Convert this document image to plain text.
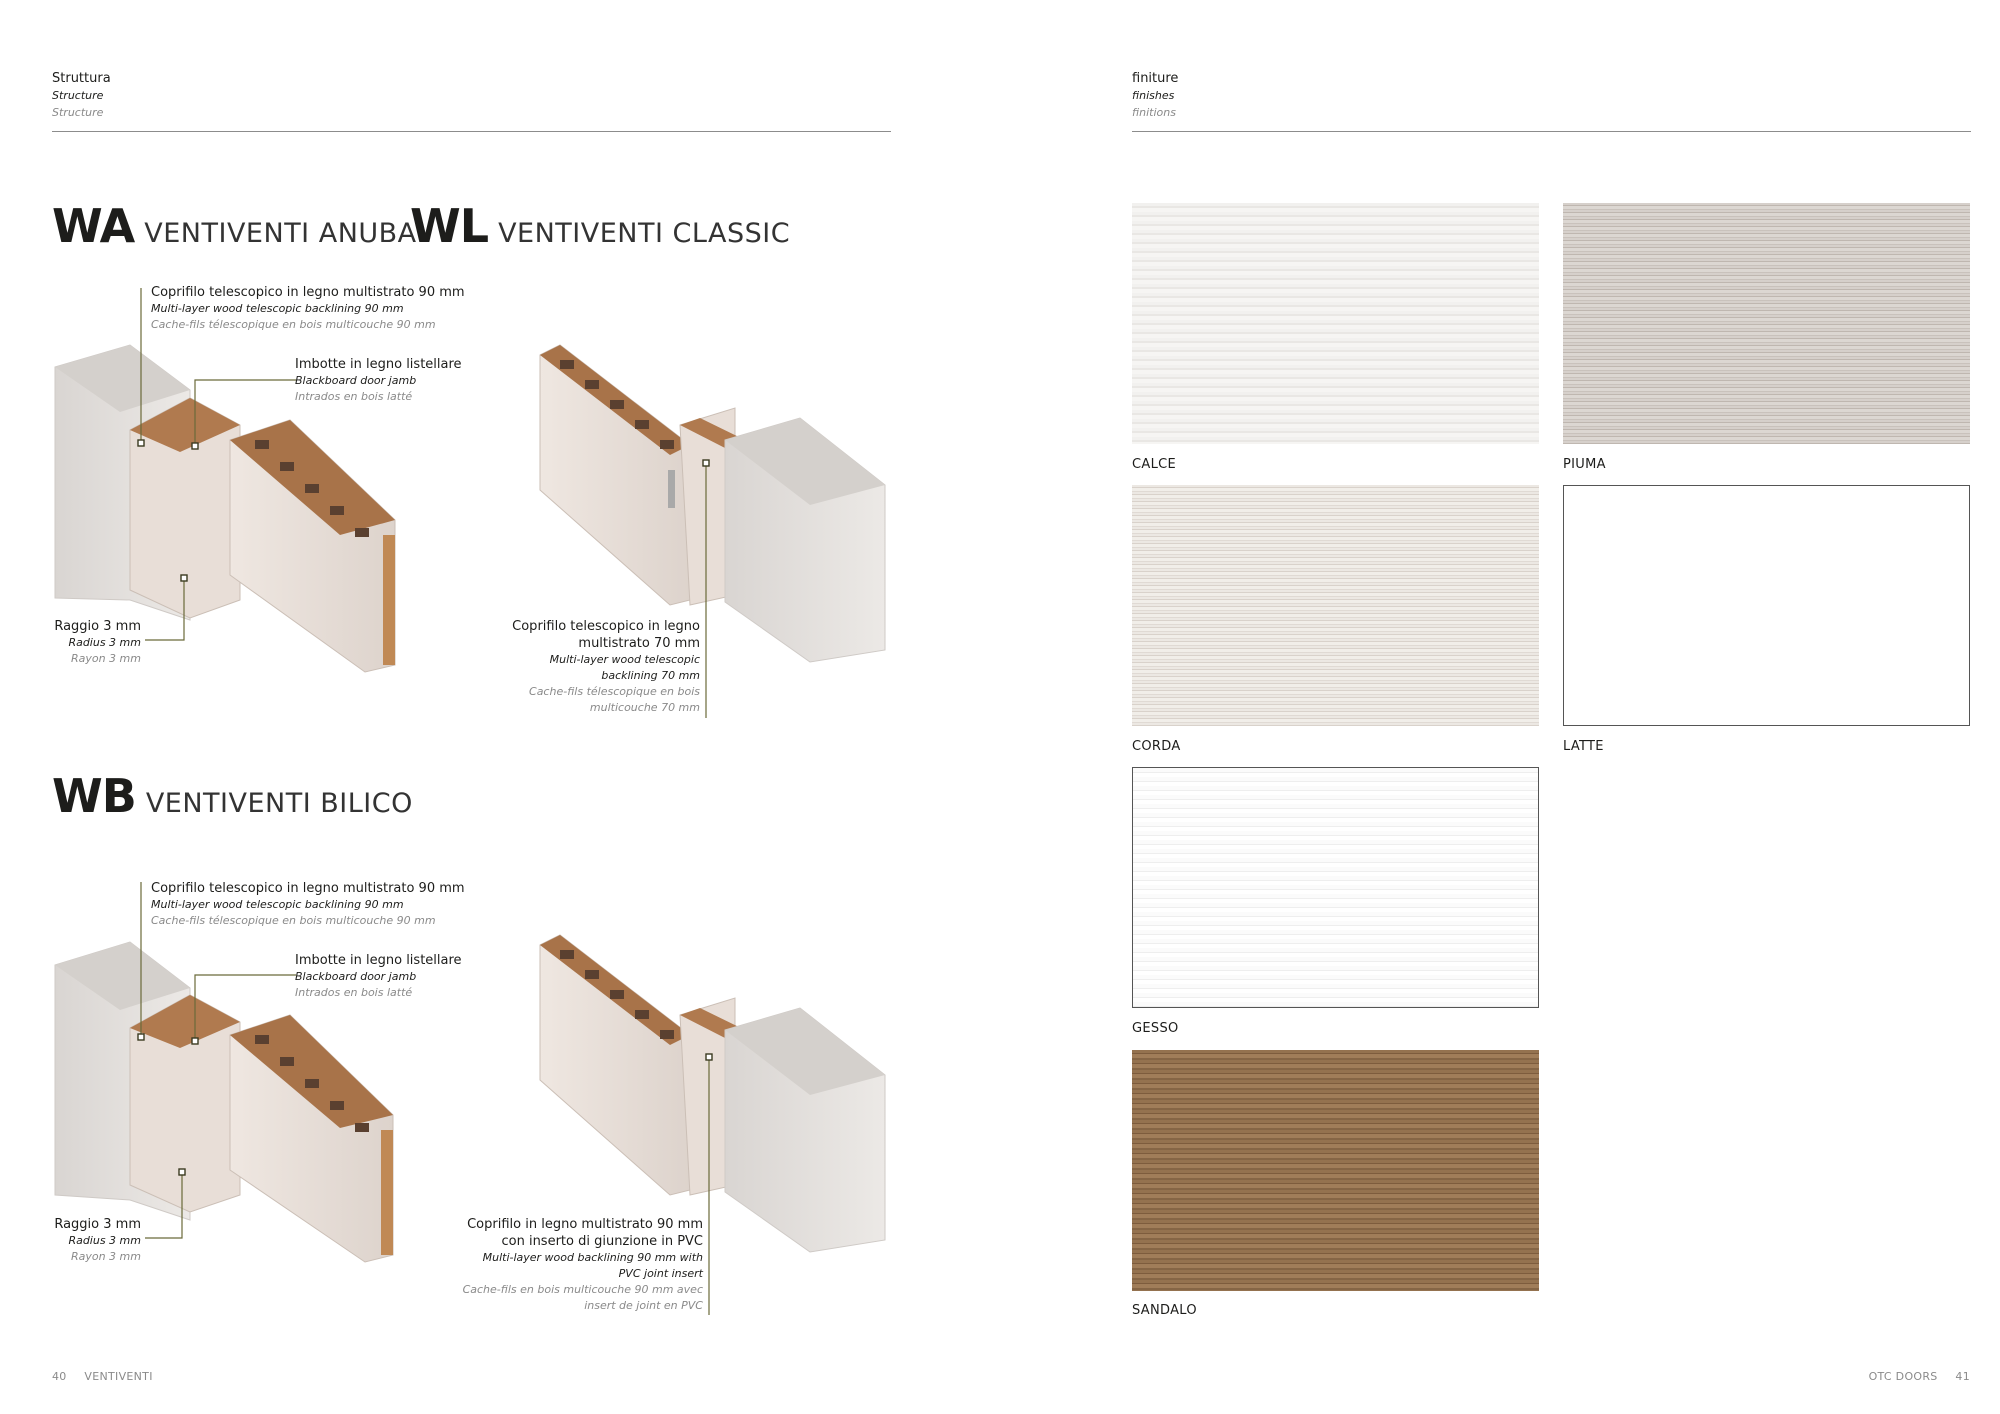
Struttura
Structure
Structure
finiture
finishes
finitions
WA VENTIVENTI ANUBA
WL VENTIVENTI CLASSIC
WB VENTIVENTI BILICO
Coprifilo telescopico in legno multistrato 90 mm
Multi-layer wood telescopic backlining 90 mm
Cache-fils télescopique en bois multicouche 90 mm
Imbotte in legno listellare
Blackboard door jamb
Intrados en bois latté
Raggio 3 mm
Radius 3 mm
Rayon 3 mm
Coprifilo telescopico in legno
multistrato 70 mm
Multi-layer wood telescopic
backlining 70 mm
Cache-fils télescopique en bois
multicouche 70 mm
Coprifilo telescopico in legno multistrato 90 mm
Multi-layer wood telescopic backlining 90 mm
Cache-fils télescopique en bois multicouche 90 mm
Imbotte in legno listellare
Blackboard door jamb
Intrados en bois latté
Raggio 3 mm
Radius 3 mm
Rayon 3 mm
Coprifilo in legno multistrato 90 mm
con inserto di giunzione in PVC
Multi-layer wood backlining 90 mm with
PVC joint insert
Cache-fils en bois multicouche 90 mm avec
insert de joint en PVC
CALCE	PIUMA
CORDA	LATTE
GESSO
SANDALO
40 VENTIVENTI	OTC DOORS 41
